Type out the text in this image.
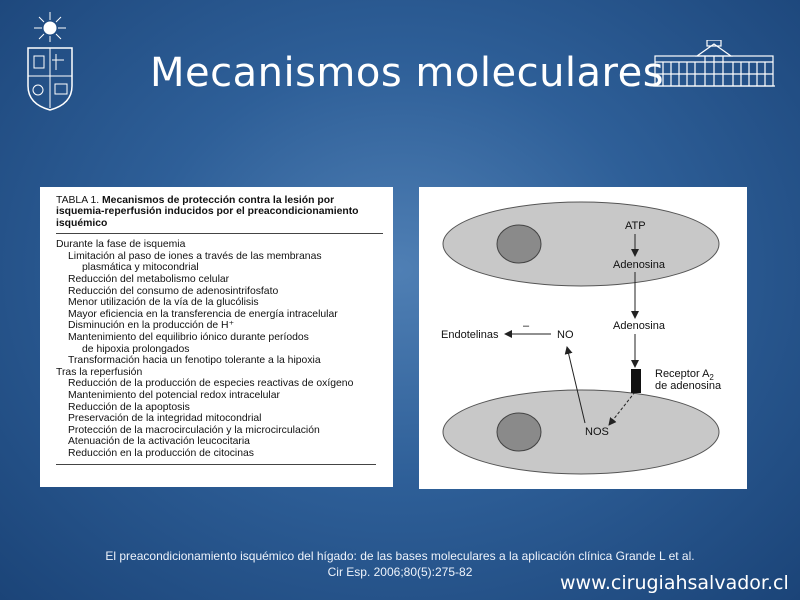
Mecanismos moleculares
TABLA 1. Mecanismos de protección contra la lesión por isquemia-reperfusión inducidos por el preacondicionamiento isquémico
Durante la fase de isquemia
Limitación al paso de iones a través de las membranas
plasmática y mitocondrial
Reducción del metabolismo celular
Reducción del consumo de adenosintrifosfato
Menor utilización de la vía de la glucólisis
Mayor eficiencia en la transferencia de energía intracelular
Disminución en la producción de H⁺
Mantenimiento del equilibrio iónico durante períodos
de hipoxia prolongados
Transformación hacia un fenotipo tolerante a la hipoxia
Tras la reperfusión
Reducción de la producción de especies reactivas de oxígeno
Mantenimiento del potencial redox intracelular
Reducción de la apoptosis
Preservación de la integridad mitocondrial
Protección de la macrocirculación y la microcirculación
Atenuación de la activación leucocitaria
Reducción en la producción de citocinas
ATP
Adenosina
Adenosina
Endotelinas
–
NO
Receptor $A_2$
de adenosina
NOS
El preacondicionamiento isquémico del hígado: de las bases moleculares a la aplicación clínica Grande L et al.
Cir Esp. 2006;80(5):275-82	www.cirugiahsalvador.cl
